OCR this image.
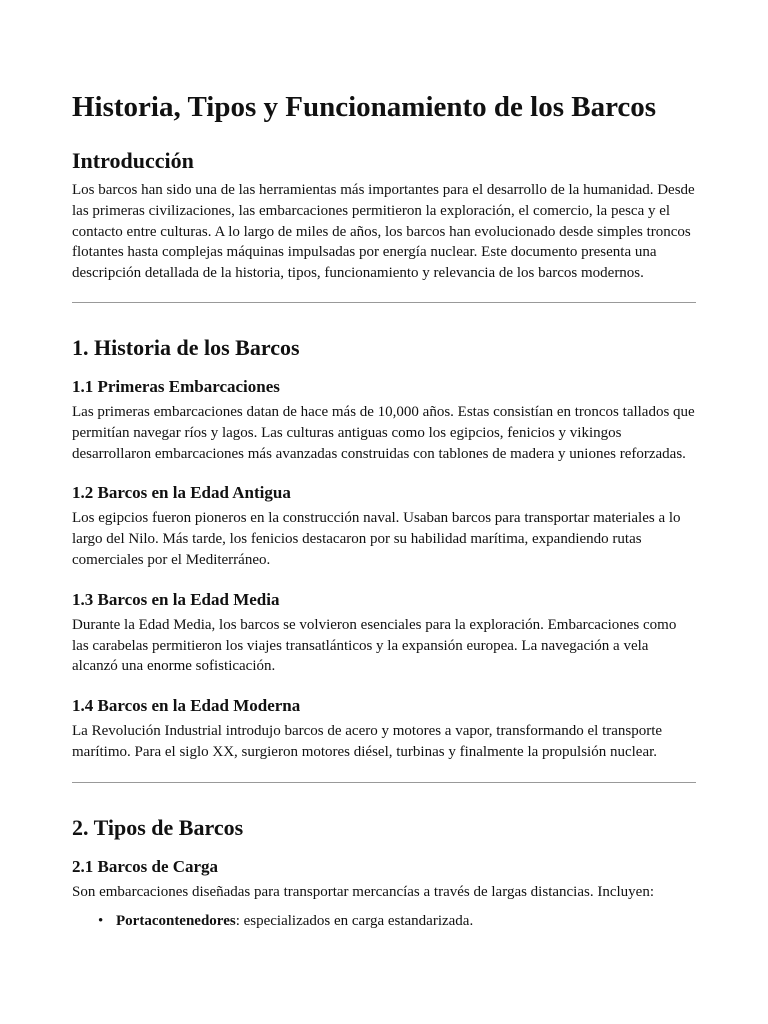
Historia, Tipos y Funcionamiento de los Barcos
Introducción

Los barcos han sido una de las herramientas más importantes para el desarrollo de la humanidad. Desde las primeras civilizaciones, las embarcaciones permitieron la exploración, el comercio, la pesca y el contacto entre culturas. A lo largo de miles de años, los barcos han evolucionado desde simples troncos flotantes hasta complejas máquinas impulsadas por energía nuclear. Este documento presenta una descripción detallada de la historia, tipos, funcionamiento y relevancia de los barcos modernos.

1. Historia de los Barcos
1.1 Primeras Embarcaciones

Las primeras embarcaciones datan de hace más de 10,000 años. Estas consistían en troncos tallados que permitían navegar ríos y lagos. Las culturas antiguas como los egipcios, fenicios y vikingos desarrollaron embarcaciones más avanzadas construidas con tablones de madera y uniones reforzadas.

1.2 Barcos en la Edad Antigua

Los egipcios fueron pioneros en la construcción naval. Usaban barcos para transportar materiales a lo largo del Nilo. Más tarde, los fenicios destacaron por su habilidad marítima, expandiendo rutas comerciales por el Mediterráneo.

1.3 Barcos en la Edad Media

Durante la Edad Media, los barcos se volvieron esenciales para la exploración. Embarcaciones como las carabelas permitieron los viajes transatlánticos y la expansión europea. La navegación a vela alcanzó una enorme sofisticación.

1.4 Barcos en la Edad Moderna

La Revolución Industrial introdujo barcos de acero y motores a vapor, transformando el transporte marítimo. Para el siglo XX, surgieron motores diésel, turbinas y finalmente la propulsión nuclear.

2. Tipos de Barcos
2.1 Barcos de Carga

Son embarcaciones diseñadas para transportar mercancías a través de largas distancias. Incluyen:

• Portacontenedores: especializados en carga estandarizada.
